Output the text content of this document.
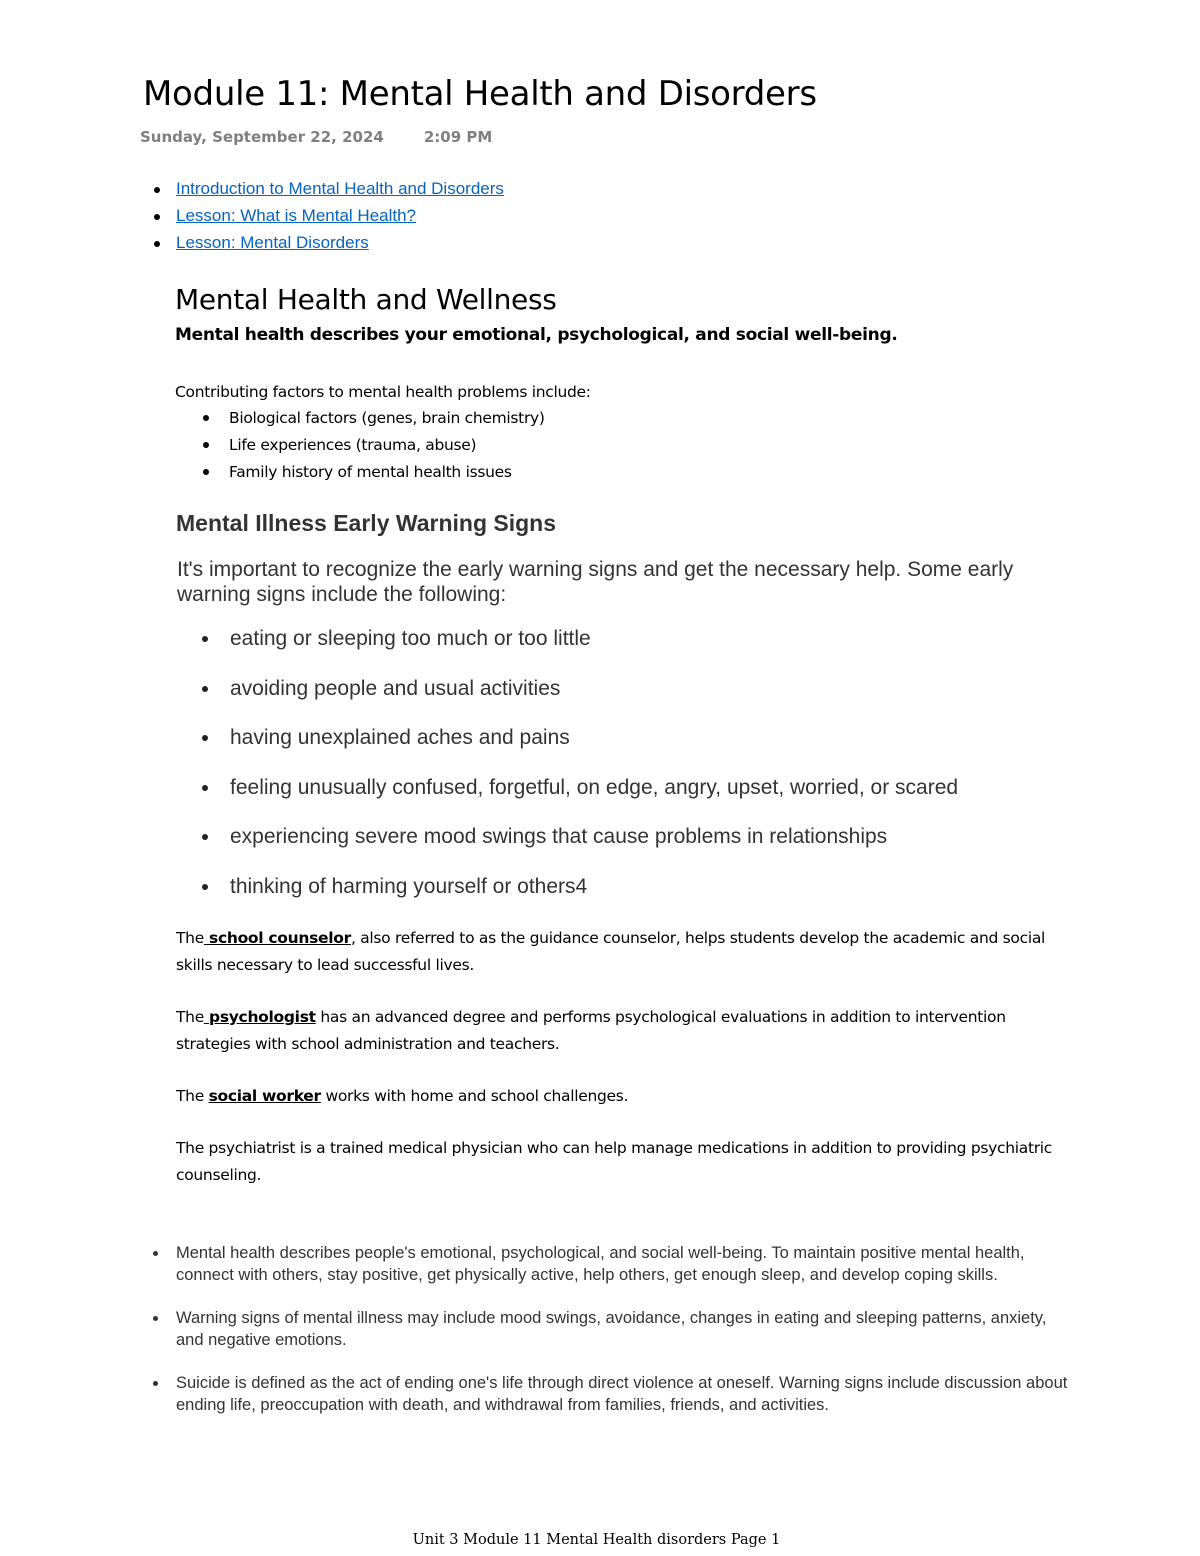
Module 11: Mental Health and Disorders
Sunday, September 22, 2024	2:09 PM
Introduction to Mental Health and Disorders
Lesson: What is Mental Health?
Lesson: Mental Disorders
Mental Health and Wellness
Mental health describes your emotional, psychological, and social well-being.
Contributing factors to mental health problems include:
Biological factors (genes, brain chemistry)
Life experiences (trauma, abuse)
Family history of mental health issues
Mental Illness Early Warning Signs

It's important to recognize the early warning signs and get the necessary help. Some early warning signs include the following:

eating or sleeping too much or too little
avoiding people and usual activities
having unexplained aches and pains
feeling unusually confused, forgetful, on edge, angry, upset, worried, or scared
experiencing severe mood swings that cause problems in relationships
thinking of harming yourself or others4

The school counselor, also referred to as the guidance counselor, helps students develop the academic and social skills necessary to lead successful lives.

The psychologist has an advanced degree and performs psychological evaluations in addition to intervention strategies with school administration and teachers.

The social worker works with home and school challenges.

The psychiatrist is a trained medical physician who can help manage medications in addition to providing psychiatric counseling.

Mental health describes people's emotional, psychological, and social well-being. To maintain positive mental health, connect with others, stay positive, get physically active, help others, get enough sleep, and develop coping skills.
Warning signs of mental illness may include mood swings, avoidance, changes in eating and sleeping patterns, anxiety, and negative emotions.
Suicide is defined as the act of ending one's life through direct violence at oneself. Warning signs include discussion about ending life, preoccupation with death, and withdrawal from families, friends, and activities.
Unit 3 Module 11 Mental Health disorders Page 1
